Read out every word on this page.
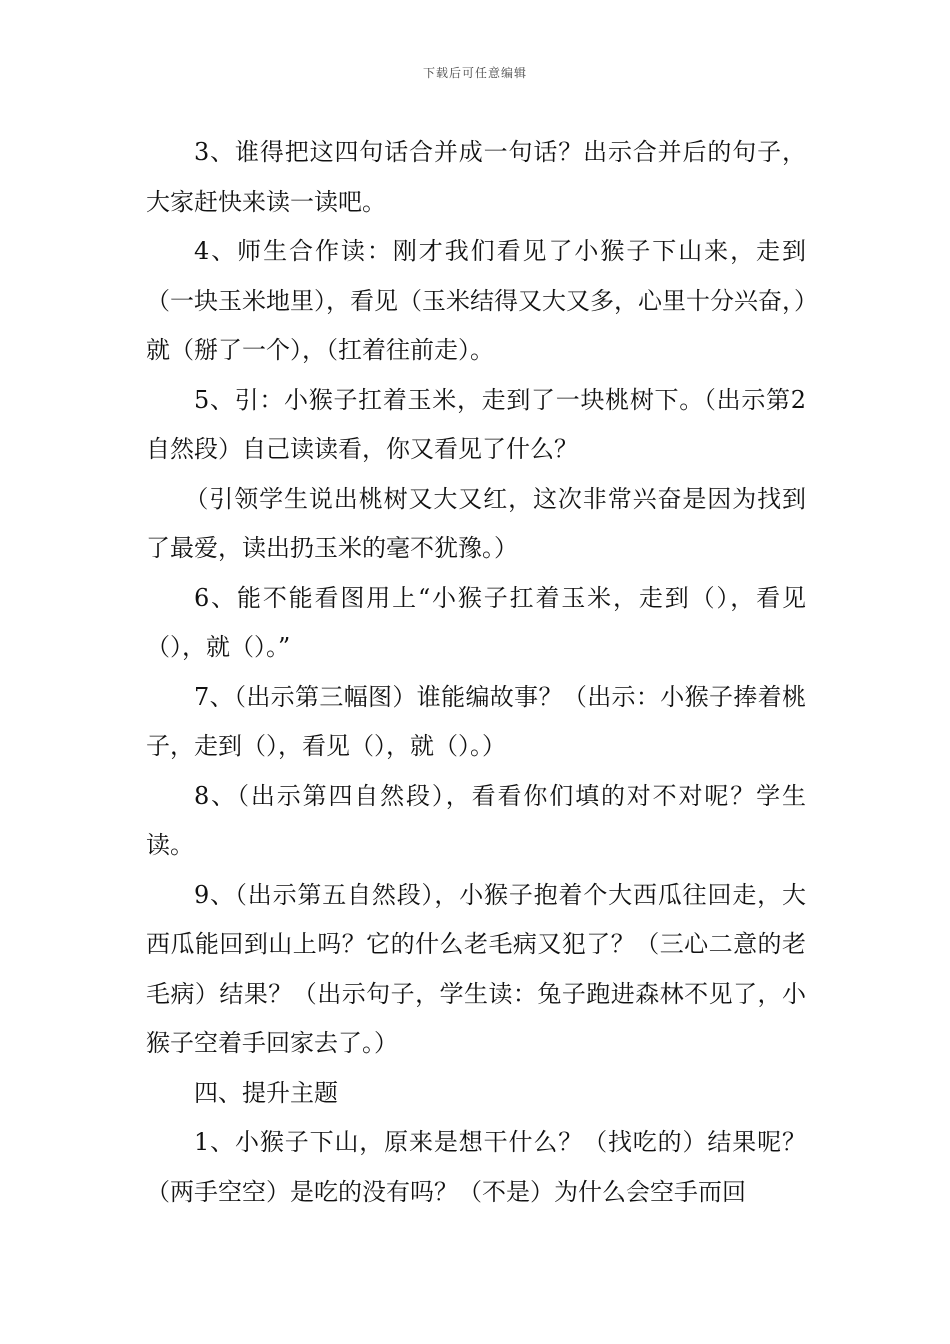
下载后可任意编辑

3、谁得把这四句话合并成一句话？出示合并后的句子，大家赶快来读一读吧。

4、师生合作读：刚才我们看见了小猴子下山来，走到（一块玉米地里），看见（玉米结得又大又多，心里十分兴奋，）就（掰了一个），（扛着往前走）。

5、引：小猴子扛着玉米，走到了一块桃树下。（出示第2自然段）自己读读看，你又看见了什么？

（引领学生说出桃树又大又红，这次非常兴奋是因为找到了最爱，读出扔玉米的毫不犹豫。）

6、能不能看图用上“小猴子扛着玉米，走到（），看见（），就（）。”

7、（出示第三幅图）谁能编故事？（出示：小猴子捧着桃子，走到（），看见（），就（）。）

8、（出示第四自然段），看看你们填的对不对呢？学生读。

9、（出示第五自然段），小猴子抱着个大西瓜往回走，大西瓜能回到山上吗？它的什么老毛病又犯了？（三心二意的老毛病）结果？（出示句子，学生读：兔子跑进森林不见了，小猴子空着手回家去了。）

四、提升主题

1、小猴子下山，原来是想干什么？（找吃的）结果呢？（两手空空）是吃的没有吗？（不是）为什么会空手而回
